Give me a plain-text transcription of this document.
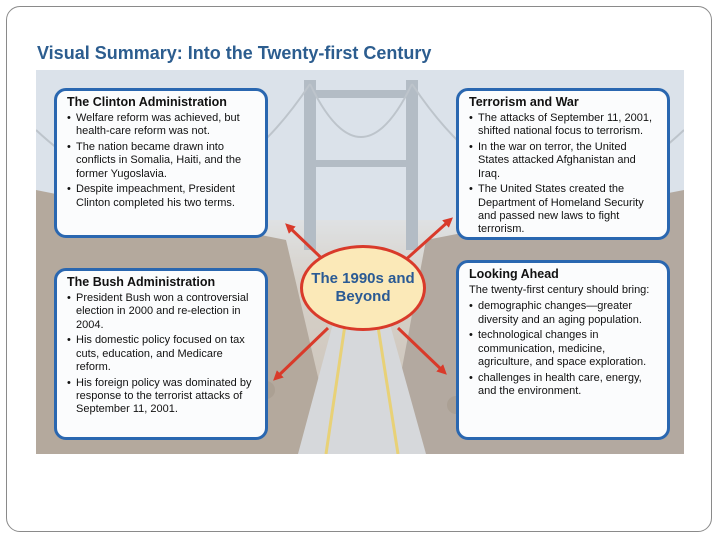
Visual Summary: Into the Twenty-first Century
The Clinton Administration
• Welfare reform was achieved, but health-care reform was not.
• The nation became drawn into conflicts in Somalia, Haiti, and the former Yugoslavia.
• Despite impeachment, President Clinton completed his two terms.
Terrorism and War
• The attacks of September 11, 2001, shifted national focus to terrorism.
• In the war on terror, the United States attacked Afghanistan and Iraq.
• The United States created the Department of Homeland Security and passed new laws to fight terrorism.
The Bush Administration
• President Bush won a controversial election in 2000 and re-election in 2004.
• His domestic policy focused on tax cuts, education, and Medicare reform.
• His foreign policy was dominated by response to the terrorist attacks of September 11, 2001.
Looking Ahead

The twenty-first century should bring:

• demographic changes—greater diversity and an aging population.
• technological changes in communication, medicine, agriculture, and space exploration.
• challenges in health care, energy, and the environment.
The 1990s and Beyond
